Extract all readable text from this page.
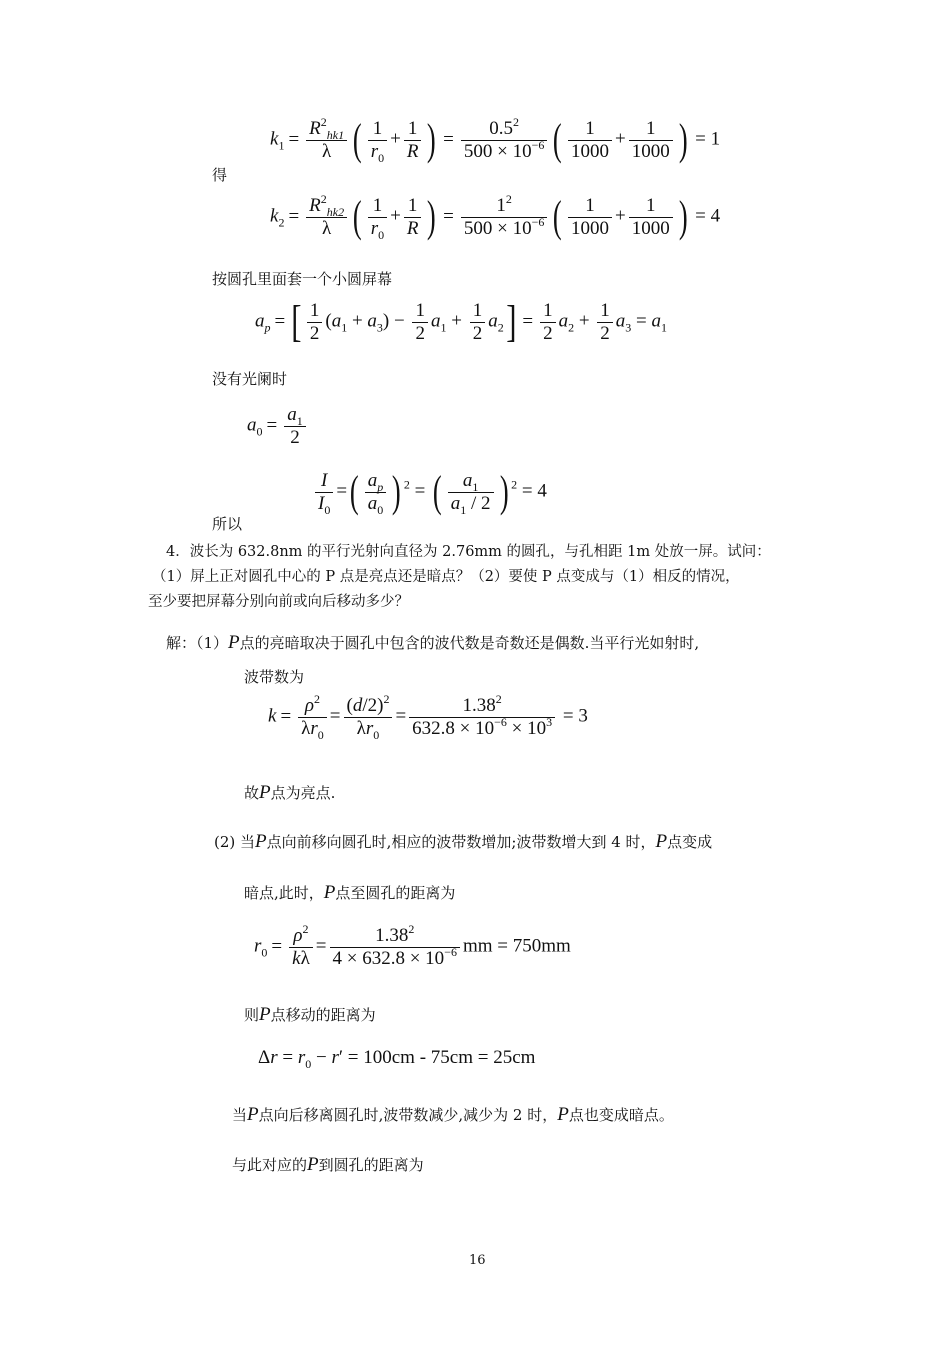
$k_1 = \frac{R^2_{hk1}}{\lambda}$ ( $\frac{1}{r_0} + \frac{1}{R}$ ) = $\frac{0.5^2}{500 \times 10^{-6}}$ ( $\frac{1}{1000} + \frac{1}{1000}$ ) = 1
得
$k_2 = \frac{R^2_{hk2}}{\lambda}$ ( $\frac{1}{r_0} + \frac{1}{R}$ ) = $\frac{1^2}{500 \times 10^{-6}}$ ( $\frac{1}{1000} + \frac{1}{1000}$ ) = 4
按圆孔里面套一个小圆屏幕
$a_p$ = [ $\frac{1}{2} (a_1 + a_3) - \frac{1}{2} a_1 + \frac{1}{2} a_2] = \frac{1}{2} a_2 + \frac{1}{2} a_3 = a_1$
没有光阑时
$a_0 = \frac{a_1}{2}$
$\frac{I}{I_0}$ =( $\frac{a_p}{a_0}$ ) $^2$ = ( $\frac{a_1}{a_1 / 2}$ ) $^2$ = 4
所以
4．波长为 632.8nm 的平行光射向直径为 2.76mm 的圆孔，与孔相距 1m 处放一屏。试问：
（1）屏上正对圆孔中心的 P 点是亮点还是暗点？（2）要使 P 点变成与（1）相反的情况，
至少要把屏幕分别向前或向后移动多少？
解：（1）P点的亮暗取决于圆孔中包含的波代数是奇数还是偶数.当平行光如射时,
波带数为
$k = \frac{\rho^2}{\lambda r_0} = \frac{(d/2)^2}{\lambda r_0} = \frac{1.38^2}{632.8 \times 10^{-6} \times 10^3} = 3$
故P点为亮点.
(2) 当P点向前移向圆孔时,相应的波带数增加;波带数增大到 4 时，P点变成
暗点,此时，P点至圆孔的距离为
$r_0 = \frac{\rho^2}{k\lambda} = \frac{1.38^2}{4 \times 632.8 \times 10^{-6}}$ mm = 750mm
则P点移动的距离为
$\Delta r = r_0 - r' = 100cm - 75cm = 25cm$
当P点向后移离圆孔时,波带数减少,减少为 2 时，P点也变成暗点。
与此对应的P到圆孔的距离为
16
